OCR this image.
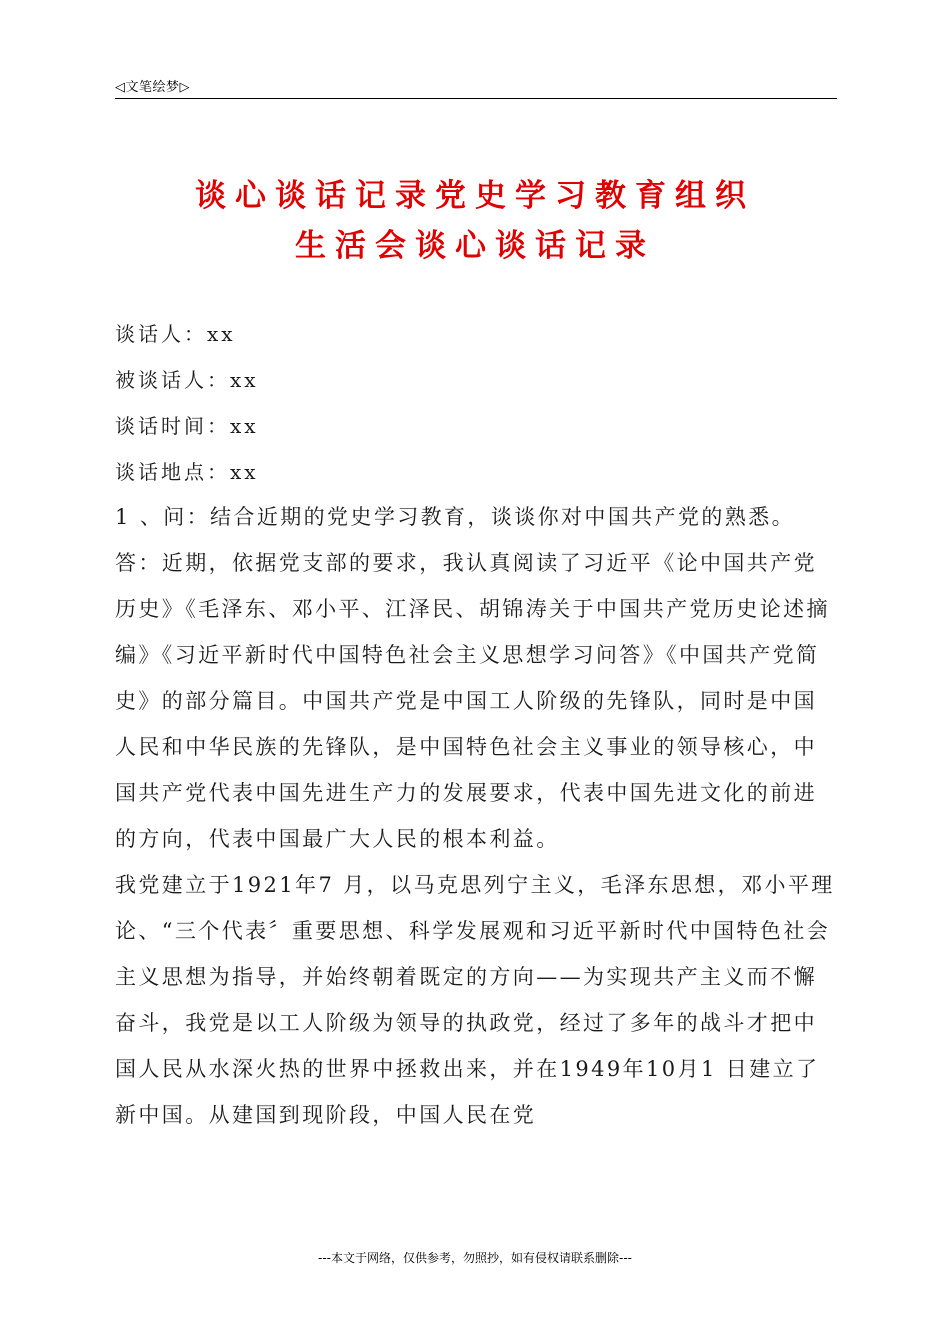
◁文笔绘梦▷
谈心谈话记录党史学习教育组织
生活会谈心谈话记录
谈话人：xx
被谈话人：xx
谈话时间：xx
谈话地点：xx

1 、问：结合近期的党史学习教育，谈谈你对中国共产党的熟悉。

答：近期，依据党支部的要求，我认真阅读了习近平《论中国共产党历史》《毛泽东、邓小平、江泽民、胡锦涛关于中国共产党历史论述摘编》《习近平新时代中国特色社会主义思想学习问答》《中国共产党简史》的部分篇目。中国共产党是中国工人阶级的先锋队，同时是中国人民和中华民族的先锋队，是中国特色社会主义事业的领导核心，中国共产党代表中国先进生产力的发展要求，代表中国先进文化的前进的方向，代表中国最广大人民的根本利益。

我党建立于1921年7 月，以马克思列宁主义，毛泽东思想，邓小平理论、“三个代表〞重要思想、科学发展观和习近平新时代中国特色社会主义思想为指导，并始终朝着既定的方向——为实现共产主义而不懈奋斗，我党是以工人阶级为领导的执政党，经过了多年的战斗才把中国人民从水深火热的世界中拯救出来，并在1949年10月1 日建立了新中国。从建国到现阶段，中国人民在党

---本文于网络，仅供参考，勿照抄，如有侵权请联系删除---
